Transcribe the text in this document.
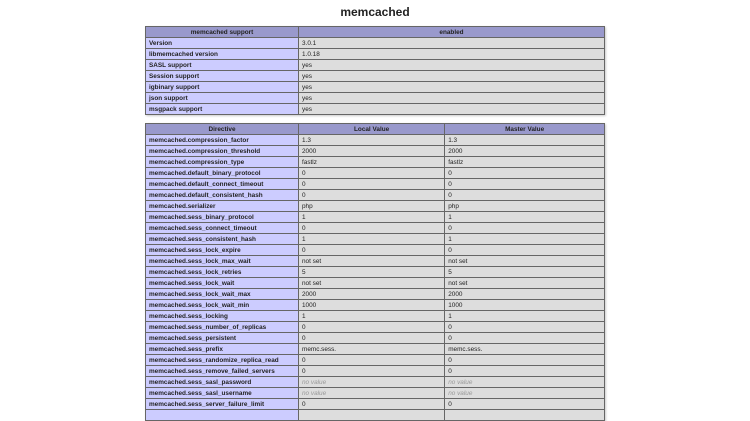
memcached
memcached support	enabled
Version	3.0.1
libmemcached version	1.0.18
SASL support	yes
Session support	yes
igbinary support	yes
json support	yes
msgpack support	yes
Directive	Local Value	Master Value
memcached.compression_factor	1.3	1.3
memcached.compression_threshold	2000	2000
memcached.compression_type	fastlz	fastlz
memcached.default_binary_protocol	0	0
memcached.default_connect_timeout	0	0
memcached.default_consistent_hash	0	0
memcached.serializer	php	php
memcached.sess_binary_protocol	1	1
memcached.sess_connect_timeout	0	0
memcached.sess_consistent_hash	1	1
memcached.sess_lock_expire	0	0
memcached.sess_lock_max_wait	not set	not set
memcached.sess_lock_retries	5	5
memcached.sess_lock_wait	not set	not set
memcached.sess_lock_wait_max	2000	2000
memcached.sess_lock_wait_min	1000	1000
memcached.sess_locking	1	1
memcached.sess_number_of_replicas	0	0
memcached.sess_persistent	0	0
memcached.sess_prefix	memc.sess.	memc.sess.
memcached.sess_randomize_replica_read	0	0
memcached.sess_remove_failed_servers	0	0
memcached.sess_sasl_password	no value	no value
memcached.sess_sasl_username	no value	no value
memcached.sess_server_failure_limit	0	0
